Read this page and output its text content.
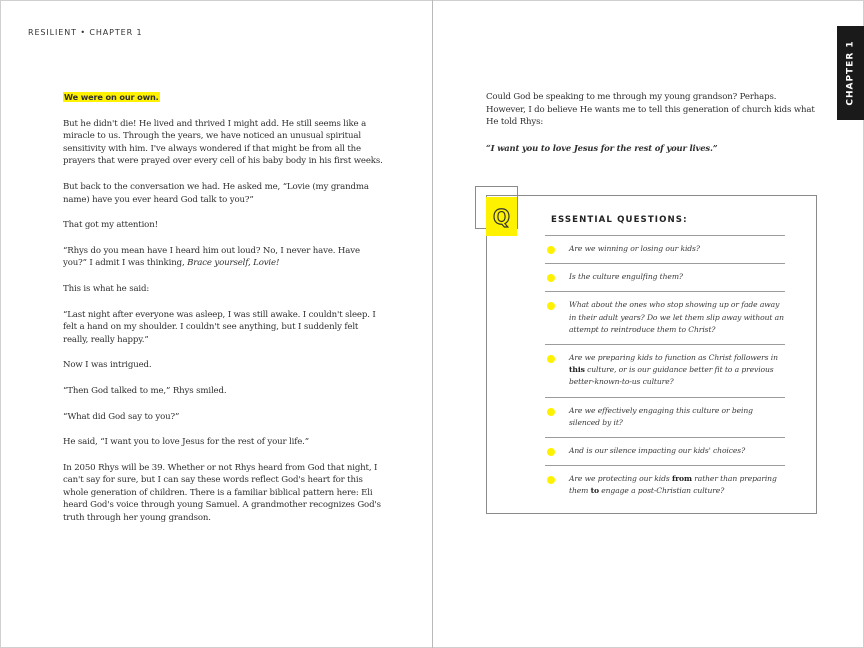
RESILIENT • CHAPTER 1

We were on our own.

But he didn't die! He lived and thrived I might add. He still seems like a miracle to us. Through the years, we have noticed an unusual spiritual sensitivity with him. I've always wondered if that might be from all the prayers that were prayed over every cell of his baby body in his first weeks.

But back to the conversation we had. He asked me, “Lovie (my grandma name) have you ever heard God talk to you?”

That got my attention!

“Rhys do you mean have I heard him out loud? No, I never have. Have you?” I admit I was thinking, Brace yourself, Lovie!

This is what he said:

“Last night after everyone was asleep, I was still awake. I couldn't sleep. I felt a hand on my shoulder. I couldn't see anything, but I suddenly felt really, really happy.”

Now I was intrigued.

“Then God talked to me,” Rhys smiled.

“What did God say to you?”

He said, “I want you to love Jesus for the rest of your life.”

In 2050 Rhys will be 39. Whether or not Rhys heard from God that night, I can't say for sure, but I can say these words reflect God's heart for this whole generation of children. There is a familiar biblical pattern here: Eli heard God's voice through young Samuel. A grandmother recognizes God's truth through her young grandson.

Could God be speaking to me through my young grandson? Perhaps. However, I do believe He wants me to tell this generation of church kids what He told Rhys:

“I want you to love Jesus for the rest of your lives.”

CHAPTER 1
Q	ESSENTIAL QUESTIONS:
Are we winning or losing our kids?
Is the culture engulfing them?
What about the ones who stop showing up or fade away in their adult years? Do we let them slip away without an attempt to reintroduce them to Christ?
Are we preparing kids to function as Christ followers in this culture, or is our guidance better fit to a previous better-known-to-us culture?
Are we effectively engaging this culture or being silenced by it?
And is our silence impacting our kids' choices?
Are we protecting our kids from rather than preparing them to engage a post-Christian culture?
